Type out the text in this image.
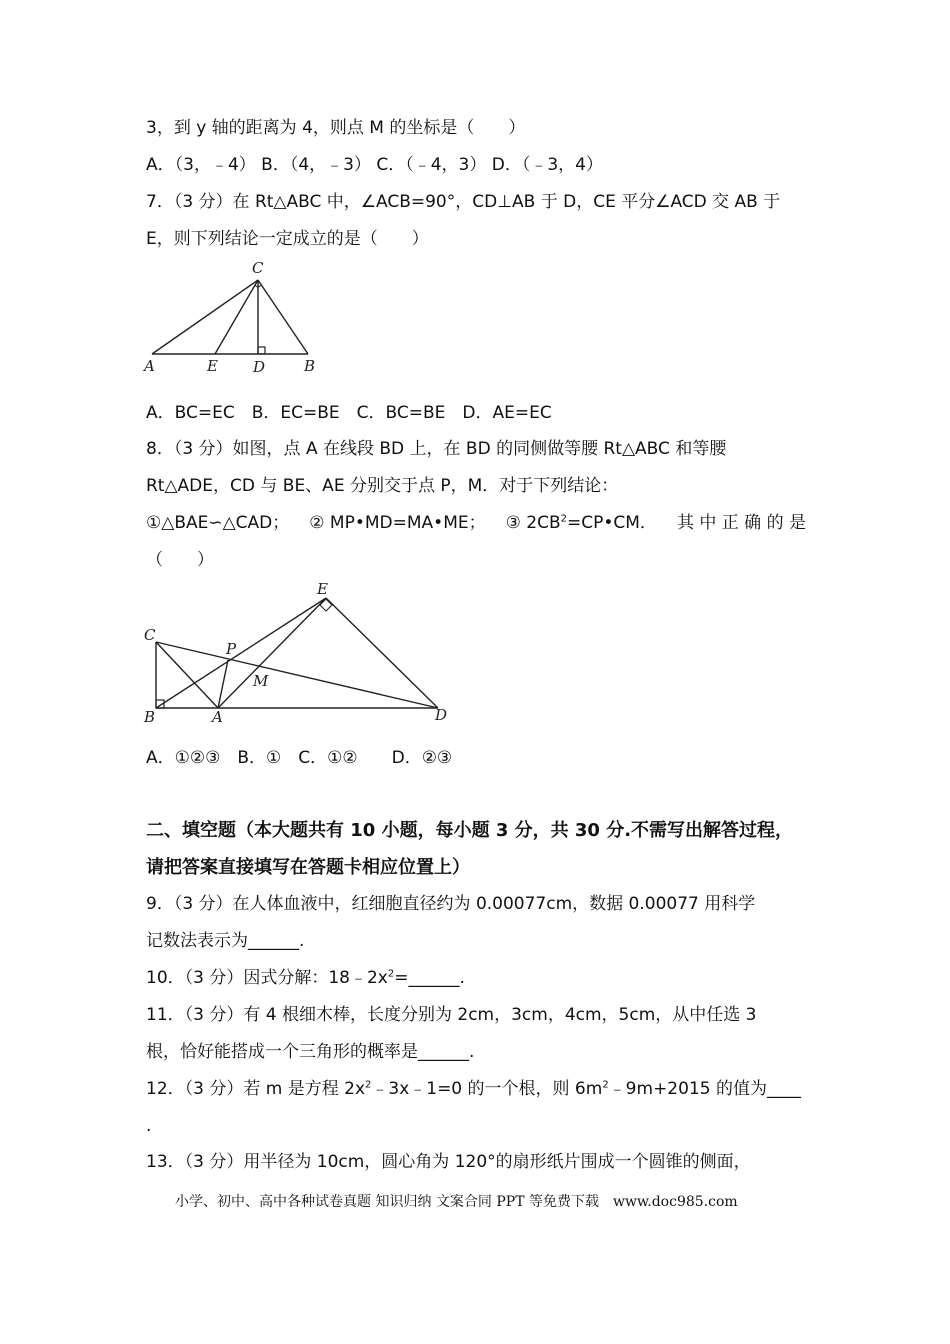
3，到 y 轴的距离为 4，则点 M 的坐标是（　　）
A．（3，﹣4） B．（4，﹣3） C．（﹣4，3） D．（﹣3，4）
7．（3 分）在 Rt△ABC 中，∠ACB=90°，CD⊥AB 于 D，CE 平分∠ACD 交 AB 于
E，则下列结论一定成立的是（　　）
C
A	E D	B
A．BC=EC　B．EC=BE　C．BC=BE　D．AE=EC
8．（3 分）如图，点 A 在线段 BD 上，在 BD 的同侧做等腰 Rt△ABC 和等腰
Rt△ADE，CD 与 BE、AE 分别交于点 P，M．对于下列结论：
①△BAE∽△CAD； ② MP•MD=MA•ME； ③ $2CB^2=CP•CM$． 其 中 正 确 的 是
（　　）
E
C
P
M
B	A	D
A．①②③　B．①　C．①②　　D．②③
二、填空题（本大题共有 10 小题，每小题 3 分，共 30 分.不需写出解答过程，
请把答案直接填写在答题卡相应位置上）
9．（3 分）在人体血液中，红细胞直径约为 0.00077cm，数据 0.00077 用科学
记数法表示为______.
10．（3 分）因式分解：$18﹣2x^2=\_\_\_\_\_\_$.
11．（3 分）有 4 根细木棒，长度分别为 2cm，3cm，4cm，5cm，从中任选 3
根，恰好能搭成一个三角形的概率是______.
12．（3 分）若 m 是方程 $2x^2﹣3x﹣1=0$ 的一个根，则 $6m^2﹣9m+2015$ 的值为____
.
13．（3 分）用半径为 10cm，圆心角为 120°的扇形纸片围成一个圆锥的侧面，
小学、初中、高中各种试卷真题 知识归纳 文案合同 PPT 等免费下载　www.doc985.com
